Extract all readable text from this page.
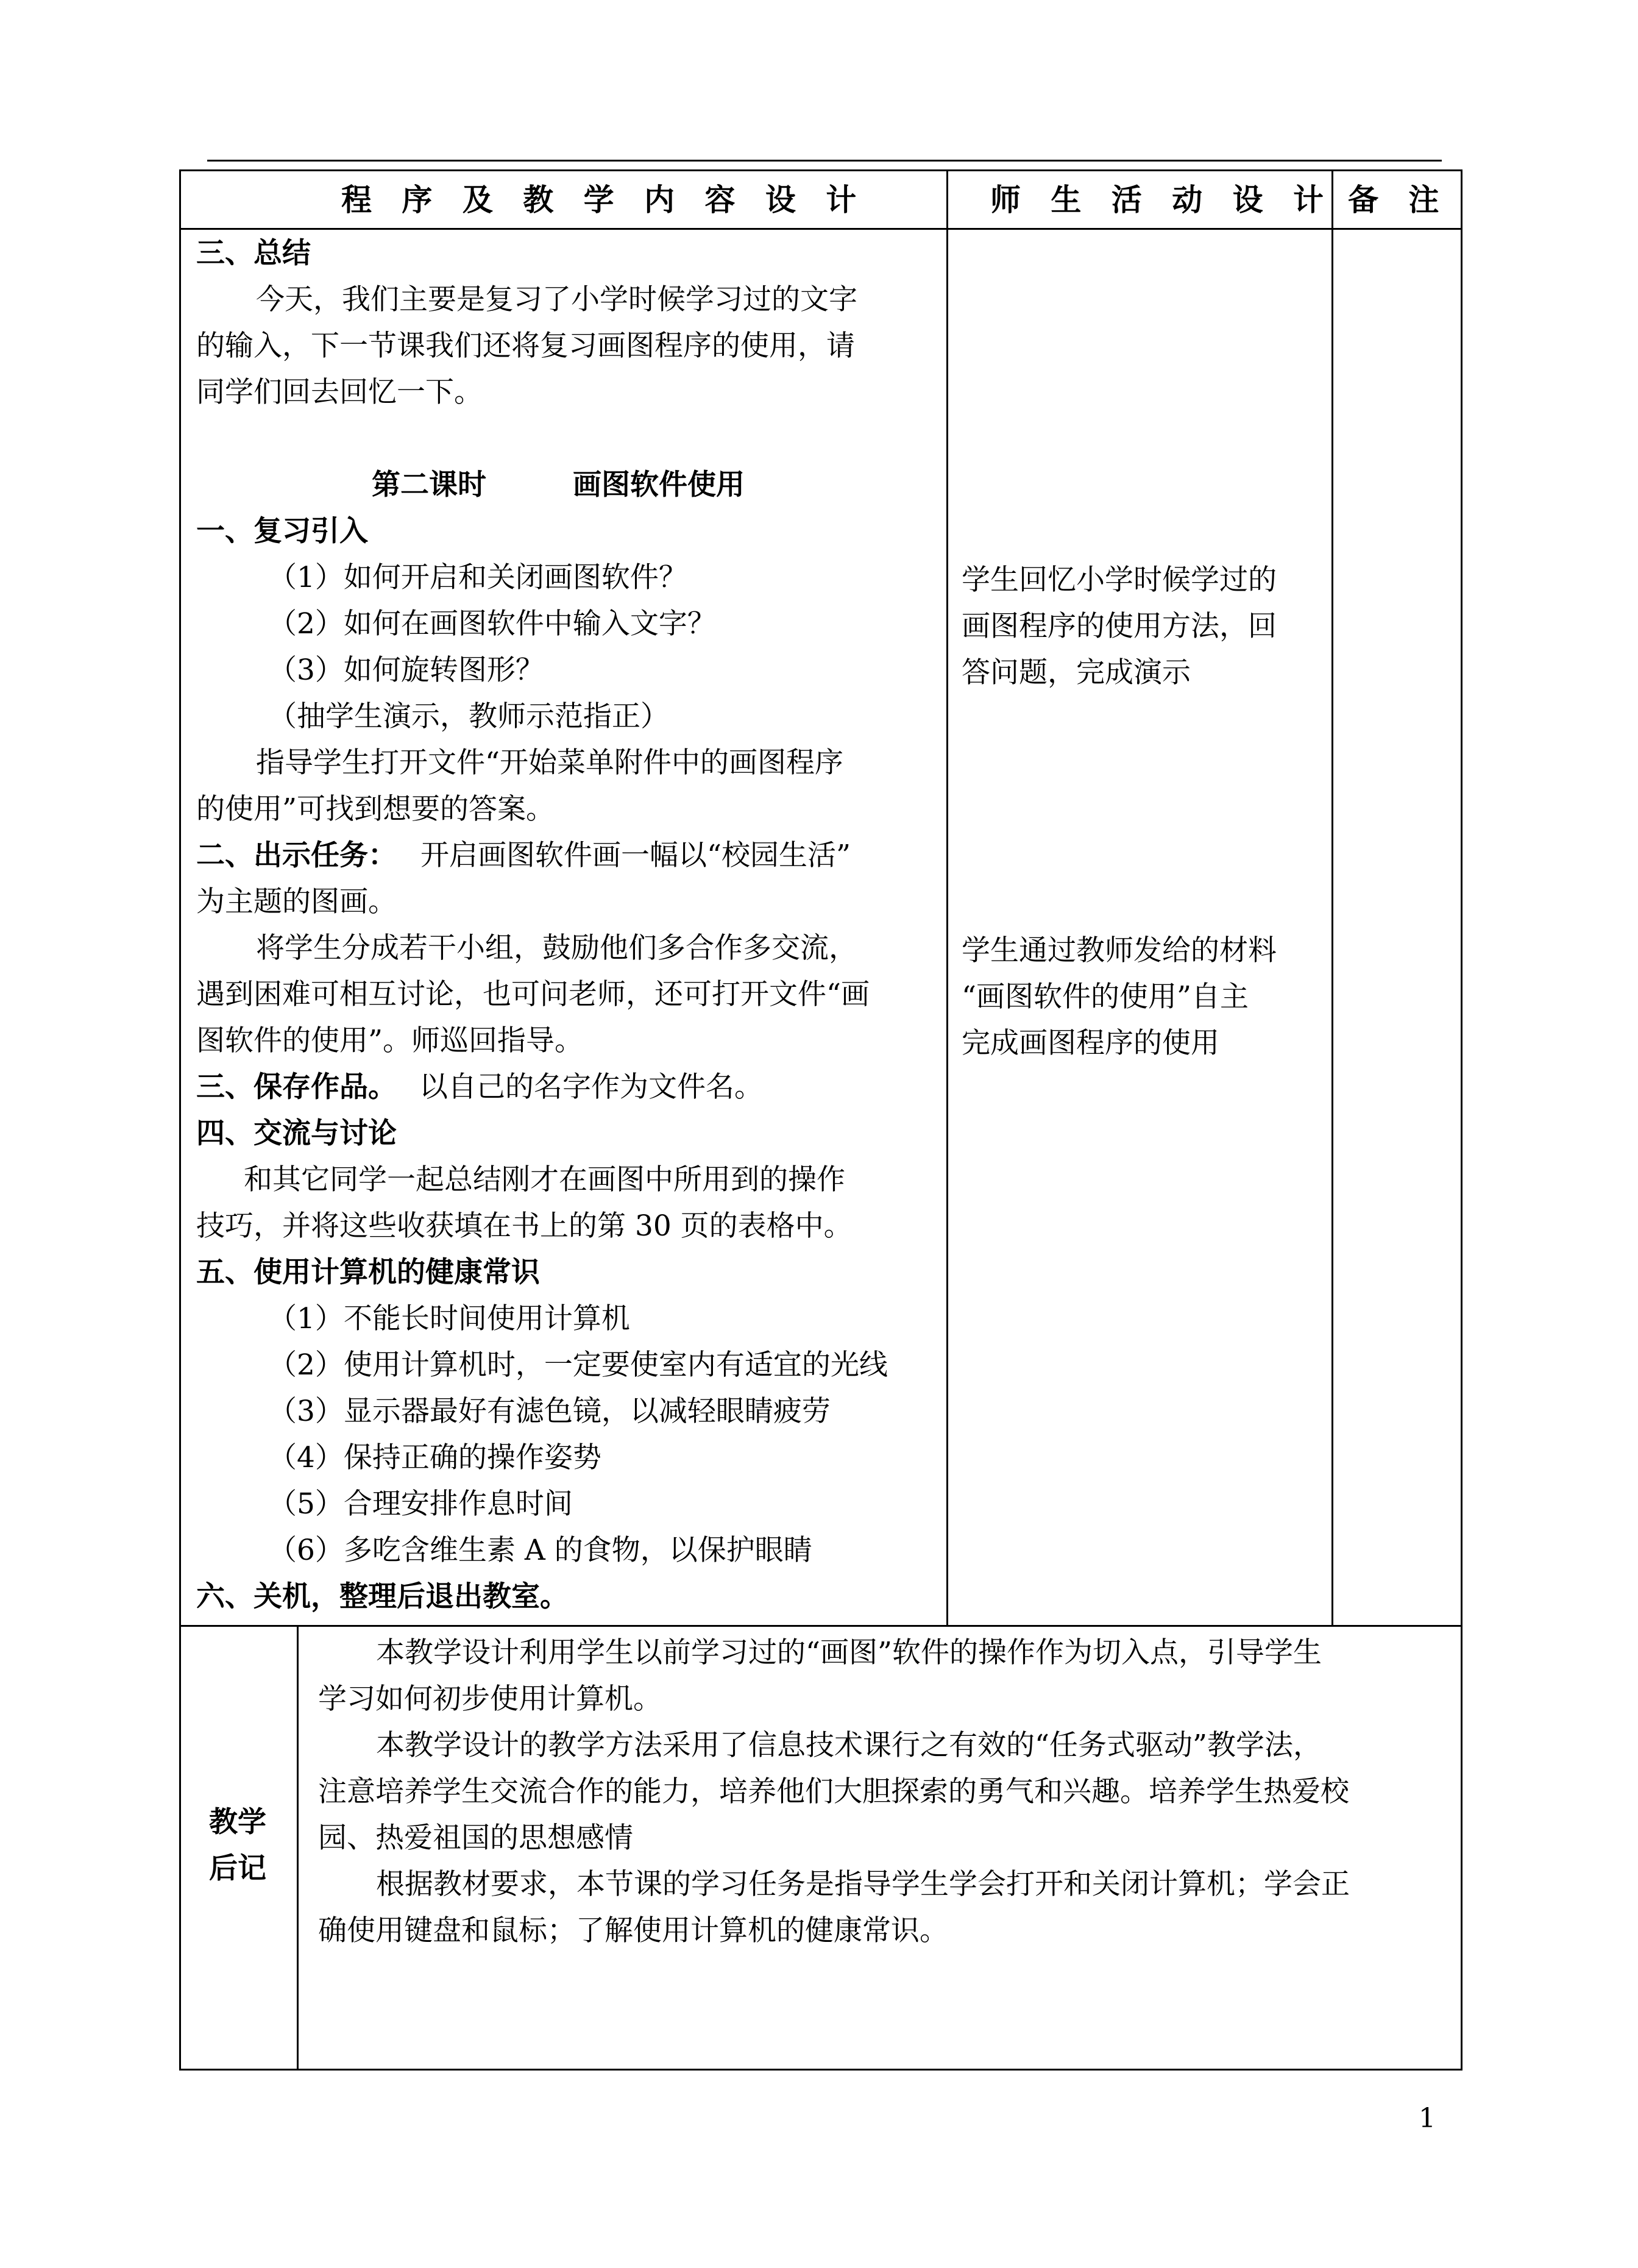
程 序 及 教 学 内 容 设 计	师 生 活 动 设 计 备 注
三、总结
今天，我们主要是复习了小学时候学习过的文字
的输入，下一节课我们还将复习画图程序的使用，请
同学们回去回忆一下。
第二课时	画图软件使用
一、复习引入
（1）如何开启和关闭画图软件？
（2）如何在画图软件中输入文字？
（3）如何旋转图形？
（抽学生演示，教师示范指正）
指导学生打开文件“开始菜单附件中的画图程序
的使用”可找到想要的答案。
二、出示任务： 开启画图软件画一幅以“校园生活”
为主题的图画。
将学生分成若干小组，鼓励他们多合作多交流，
遇到困难可相互讨论，也可问老师，还可打开文件“画
图软件的使用”。师巡回指导。
三、保存作品。 以自己的名字作为文件名。
四、交流与讨论
和其它同学一起总结刚才在画图中所用到的操作
技巧，并将这些收获填在书上的第 30 页的表格中。
五、使用计算机的健康常识
（1）不能长时间使用计算机
（2）使用计算机时，一定要使室内有适宜的光线
（3）显示器最好有滤色镜，以减轻眼睛疲劳
（4）保持正确的操作姿势
（5）合理安排作息时间
（6）多吃含维生素 A 的食物，以保护眼睛
六、关机，整理后退出教室。
学生回忆小学时候学过的
画图程序的使用方法，回
答问题，完成演示
学生通过教师发给的材料
“画图软件的使用”自主
完成画图程序的使用
教学
后记
本教学设计利用学生以前学习过的“画图”软件的操作作为切入点，引导学生
学习如何初步使用计算机。
本教学设计的教学方法采用了信息技术课行之有效的“任务式驱动”教学法，
注意培养学生交流合作的能力，培养他们大胆探索的勇气和兴趣。培养学生热爱校
园、热爱祖国的思想感情
根据教材要求，本节课的学习任务是指导学生学会打开和关闭计算机；学会正
确使用键盘和鼠标；了解使用计算机的健康常识。
1
